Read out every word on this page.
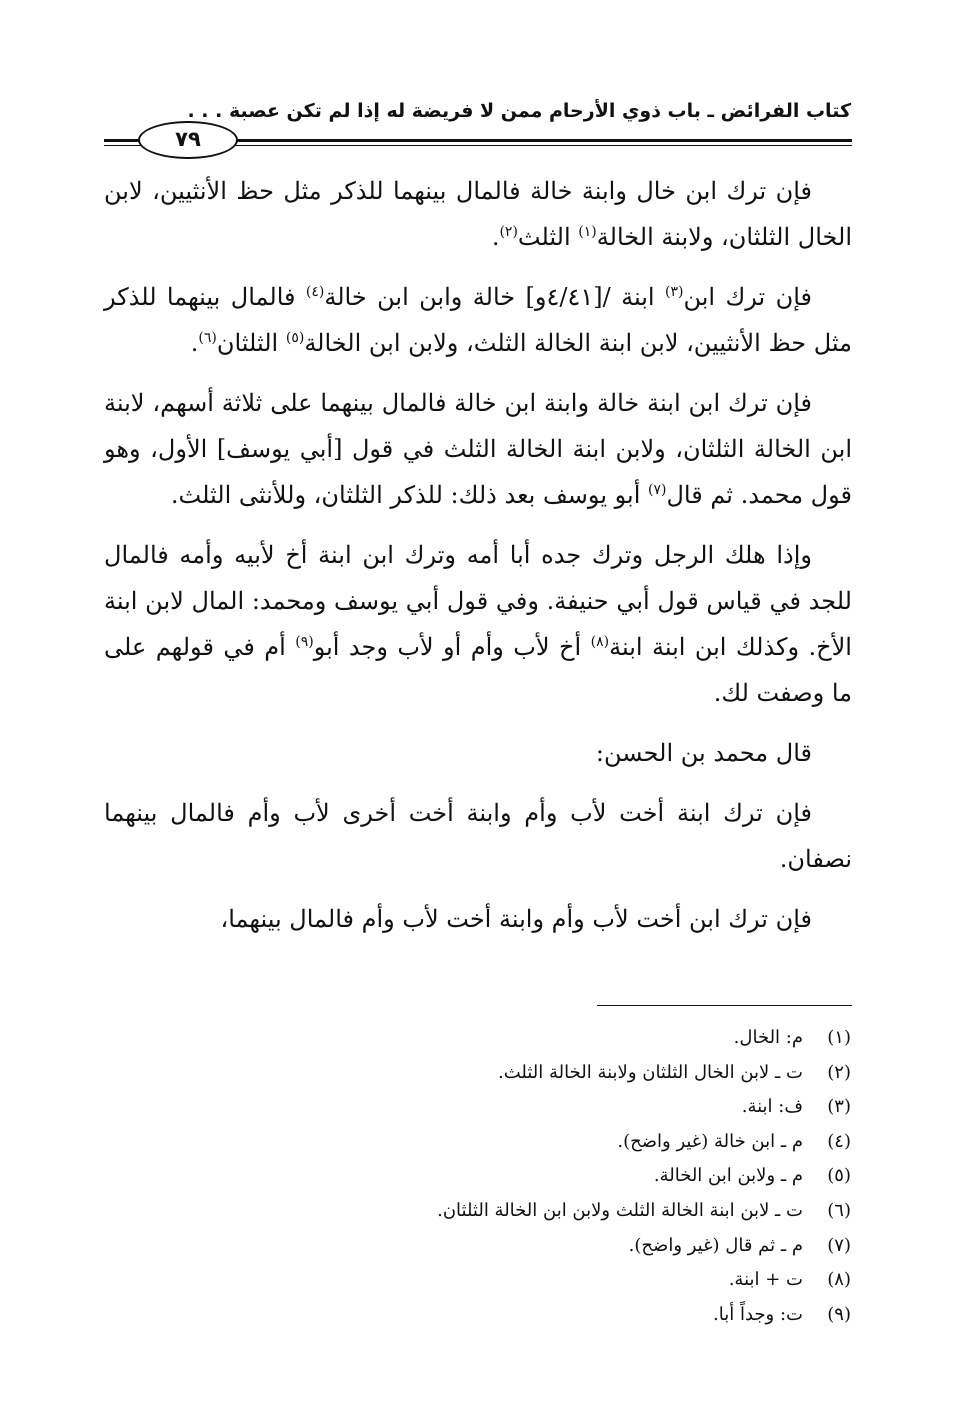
كتاب الفرائض ـ باب ذوي الأرحام ممن لا فريضة له إذا لم تكن عصبة . . .
٧٩

فإن ترك ابن خال وابنة خالة فالمال بينهما للذكر مثل حظ الأنثيين، لابن الخال الثلثان، ولابنة الخالة$^{(١)}$ الثلث$^{(٢)}$.

فإن ترك ابن$^{(٣)}$ ابنة /[٤/٤١و] خالة وابن ابن خالة$^{(٤)}$ فالمال بينهما للذكر مثل حظ الأنثيين، لابن ابنة الخالة الثلث، ولابن ابن الخالة$^{(٥)}$ الثلثان$^{(٦)}$.

فإن ترك ابن ابنة خالة وابنة ابن خالة فالمال بينهما على ثلاثة أسهم، لابنة ابن الخالة الثلثان، ولابن ابنة الخالة الثلث في قول [أبي يوسف] الأول، وهو قول محمد. ثم قال$^{(٧)}$ أبو يوسف بعد ذلك: للذكر الثلثان، وللأنثى الثلث.

وإذا هلك الرجل وترك جده أبا أمه وترك ابن ابنة أخ لأبيه وأمه فالمال للجد في قياس قول أبي حنيفة. وفي قول أبي يوسف ومحمد: المال لابن ابنة الأخ. وكذلك ابن ابنة ابنة$^{(٨)}$ أخ لأب وأم أو لأب وجد أبو$^{(٩)}$ أم في قولهم على ما وصفت لك.

قال محمد بن الحسن:

فإن ترك ابنة أخت لأب وأم وابنة أخت أخرى لأب وأم فالمال بينهما نصفان.

فإن ترك ابن أخت لأب وأم وابنة أخت لأب وأم فالمال بينهما،

(١)م: الخال.
(٢)ت ـ لابن الخال الثلثان ولابنة الخالة الثلث.
(٣)ف: ابنة.
(٤)م ـ ابن خالة (غير واضح).
(٥)م ـ ولابن ابن الخالة.
(٦)ت ـ لابن ابنة الخالة الثلث ولابن ابن الخالة الثلثان.
(٧)م ـ ثم قال (غير واضح).
(٨)ت + ابنة.
(٩)ت: وجداً أبا.
